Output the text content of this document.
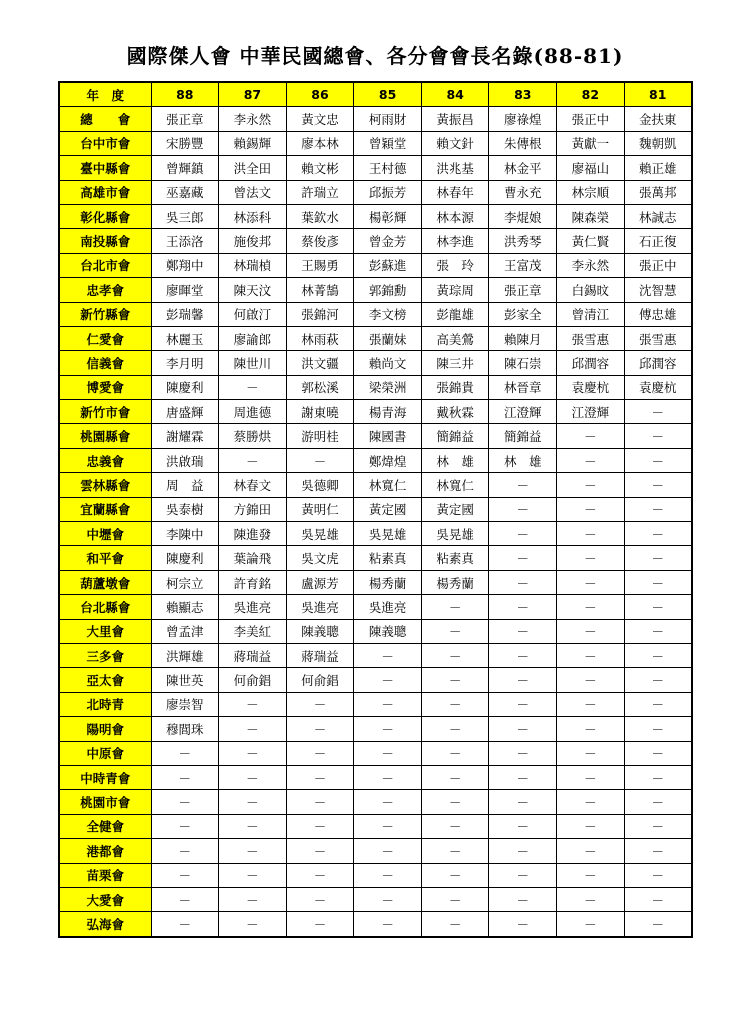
國際傑人會 中華民國總會、各分會會長名錄(88-81)
年　度	88	87	86	85	84	83	82	81
總　　會	張正章	李永然	黃文忠	柯雨財	黃振昌	廖祿煌	張正中	金扶東
台中市會	宋勝豐	賴錫輝	廖本林	曾穎堂	賴文針	朱傳根	黃獻一	魏朝凱
臺中縣會	曾輝鎮	洪全田	賴文彬	王村德	洪兆基	林金平	廖福山	賴正雄
高雄市會	巫嘉藏	曾法文	許瑞立	邱振芳	林春年	曹永充	林宗順	張萬邦
彰化縣會	吳三郎	林添科	葉欽水	楊彰輝	林本源	李焜娘	陳森榮	林誠志
南投縣會	王添洛	施俊邦	蔡俊彥	曾金芳	林李進	洪秀琴	黃仁賢	石正復
台北市會	鄭翔中	林瑞楨	王賜勇	彭蘇進	張　玲	王富茂	李永然	張正中
忠孝會	廖暉堂	陳天汶	林菁鵠	郭錦勳	黃琮周	張正章	白錫旼	沈智慧
新竹縣會	彭瑞馨	何啟汀	張錦河	李文榜	彭龍雄	彭家全	曾清江	傅忠雄
仁愛會	林麗玉	廖諭郎	林雨萩	張蘭妹	高美鶯	賴陳月	張雪惠	張雪惠
信義會	李月明	陳世川	洪文疆	賴尚文	陳三井	陳石崇	邱潤容	邱潤容
博愛會	陳慶利	－	郭松溪	梁榮洲	張錦貴	林晉章	袁慶杭	袁慶杭
新竹市會	唐盛輝	周進德	謝東曉	楊青海	戴秋霖	江澄輝	江澄輝	－
桃園縣會	謝耀霖	蔡勝烘	游明桂	陳國書	簡錦益	簡錦益	－	－
忠義會	洪啟瑞	－	－	鄭煒煌	林　雄	林　雄	－	－
雲林縣會	周　益	林春文	吳德卿	林寬仁	林寬仁	－	－	－
宜蘭縣會	吳泰樹	方錦田	黃明仁	黃定國	黃定國	－	－	－
中壢會	李陳中	陳進發	吳晃雄	吳晃雄	吳晃雄	－	－	－
和平會	陳慶利	葉論飛	吳文虎	粘素真	粘素真	－	－	－
葫蘆墩會	柯宗立	許育銘	盧源芳	楊秀蘭	楊秀蘭	－	－	－
台北縣會	賴顯志	吳進亮	吳進亮	吳進亮	－	－	－	－
大里會	曾孟津	李美紅	陳義聰	陳義聰	－	－	－	－
三多會	洪輝雄	蔣瑞益	蔣瑞益	－	－	－	－	－
亞太會	陳世英	何俞錩	何俞錩	－	－	－	－	－
北時青	廖崇智	－	－	－	－	－	－	－
陽明會	穆閭珠	－	－	－	－	－	－	－
中原會	－	－	－	－	－	－	－	－
中時青會	－	－	－	－	－	－	－	－
桃園市會	－	－	－	－	－	－	－	－
全健會	－	－	－	－	－	－	－	－
港都會	－	－	－	－	－	－	－	－
苗栗會	－	－	－	－	－	－	－	－
大愛會	－	－	－	－	－	－	－	－
弘海會	－	－	－	－	－	－	－	－
